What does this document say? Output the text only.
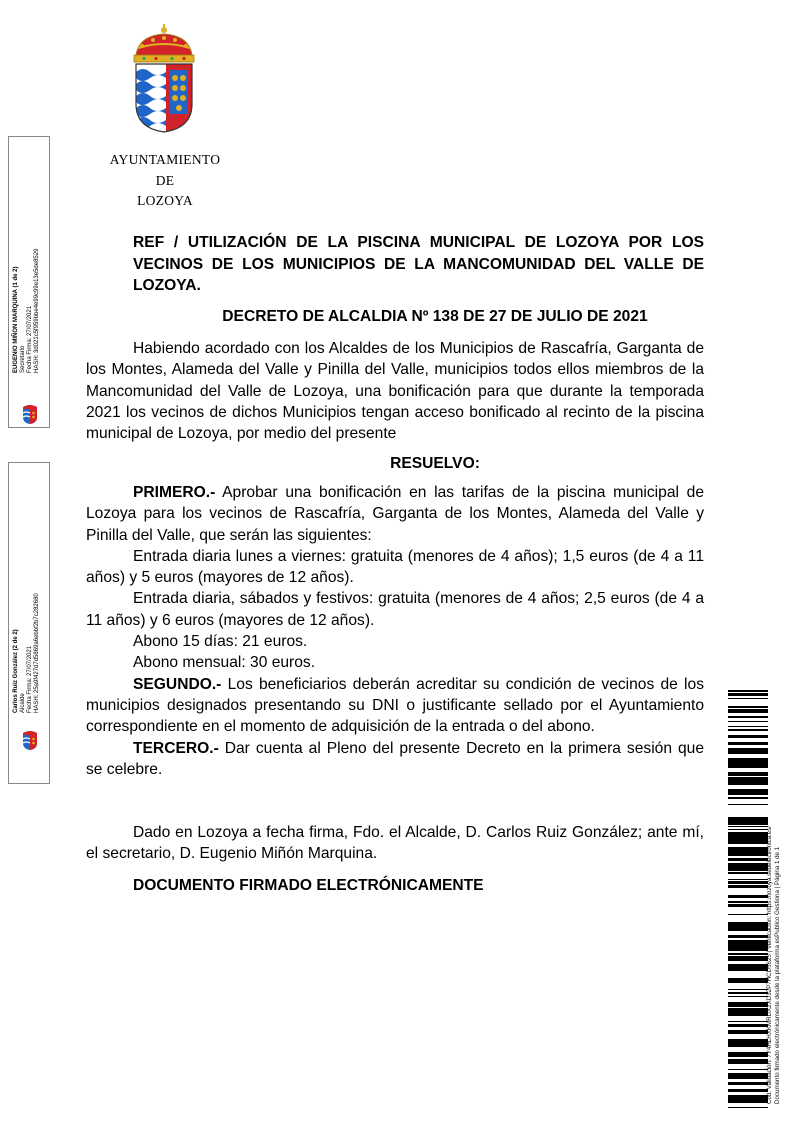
AYUNTAMIENTO
DE
LOZOYA
REF / UTILIZACIÓN DE LA PISCINA MUNICIPAL DE LOZOYA POR LOS VECINOS DE LOS MUNICIPIOS DE LA MANCOMUNIDAD DEL VALLE DE LOZOYA.
DECRETO DE ALCALDIA Nº 138 DE 27 DE JULIO DE 2021
Habiendo acordado con los Alcaldes de los Municipios de Rascafría, Garganta de los Montes, Alameda del Valle y Pinilla del Valle, municipios todos ellos miembros de la Mancomunidad del Valle de Lozoya, una bonificación para que durante la temporada 2021 los vecinos de dichos Municipios tengan acceso bonificado al recinto de la piscina municipal de Lozoya, por medio del presente
RESUELVO:

PRIMERO.- Aprobar una bonificación en las tarifas de la piscina municipal de Lozoya para los vecinos de Rascafría, Garganta de los Montes, Alameda del Valle y Pinilla del Valle, que serán las siguientes:

Entrada diaria lunes a viernes: gratuita (menores de 4 años); 1,5 euros (de 4 a 11 años) y 5 euros (mayores de 12 años).

Entrada diaria, sábados y festivos: gratuita (menores de 4 años; 2,5 euros (de 4 a 11 años) y 6 euros (mayores de 12 años).

Abono 15 días: 21 euros.

Abono mensual: 30 euros.

SEGUNDO.- Los beneficiarios deberán acreditar su condición de vecinos de los municipios designados presentando su DNI o justificante sellado por el Ayuntamiento correspondiente en el momento de adquisición de la entrada o del abono.

TERCERO.- Dar cuenta al Pleno del presente Decreto en la primera sesión que se celebre.

Dado en Lozoya a fecha firma, Fdo. el Alcalde, D. Carlos Ruiz González; ante mí, el secretario, D. Eugenio Miñón Marquina.
DOCUMENTO FIRMADO ELECTRÓNICAMENTE
EUGENIO MIÑON MARQUINA (1 de 2) Secretario Fecha Firma: 27/07/2021 HASH: 3d021c5f959bbe4e99c99e13e5de8529
Carlos Ruiz González (2 de 2) Alcalde Fecha Firma: 27/07/2021 HASH: 25a9f427d7d5869a6ebbf2b7c282680
Cód. Validación: 7Y4HLHXKMRDX2XD32P7HCD5625 | Verificación: https://lozoya.sedelectronica.es/ Documento firmado electrónicamente desde la plataforma esPublico Gestiona | Página 1 de 1
